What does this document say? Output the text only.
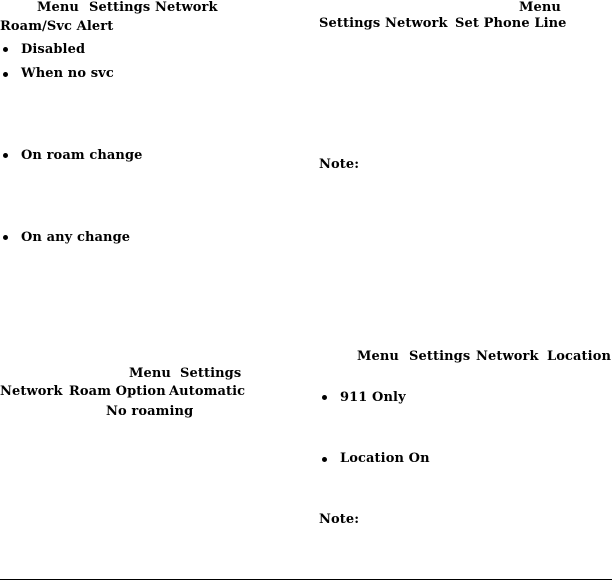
Menu Settings Network
Roam/Svc Alert
Disabled
When no svc
On roam change
On any change
Menu Settings
Network Roam Option Automatic
No roaming
Menu
Settings Network Set Phone Line
Note:
Menu Settings Network Location
911 Only
Location On
Note:
